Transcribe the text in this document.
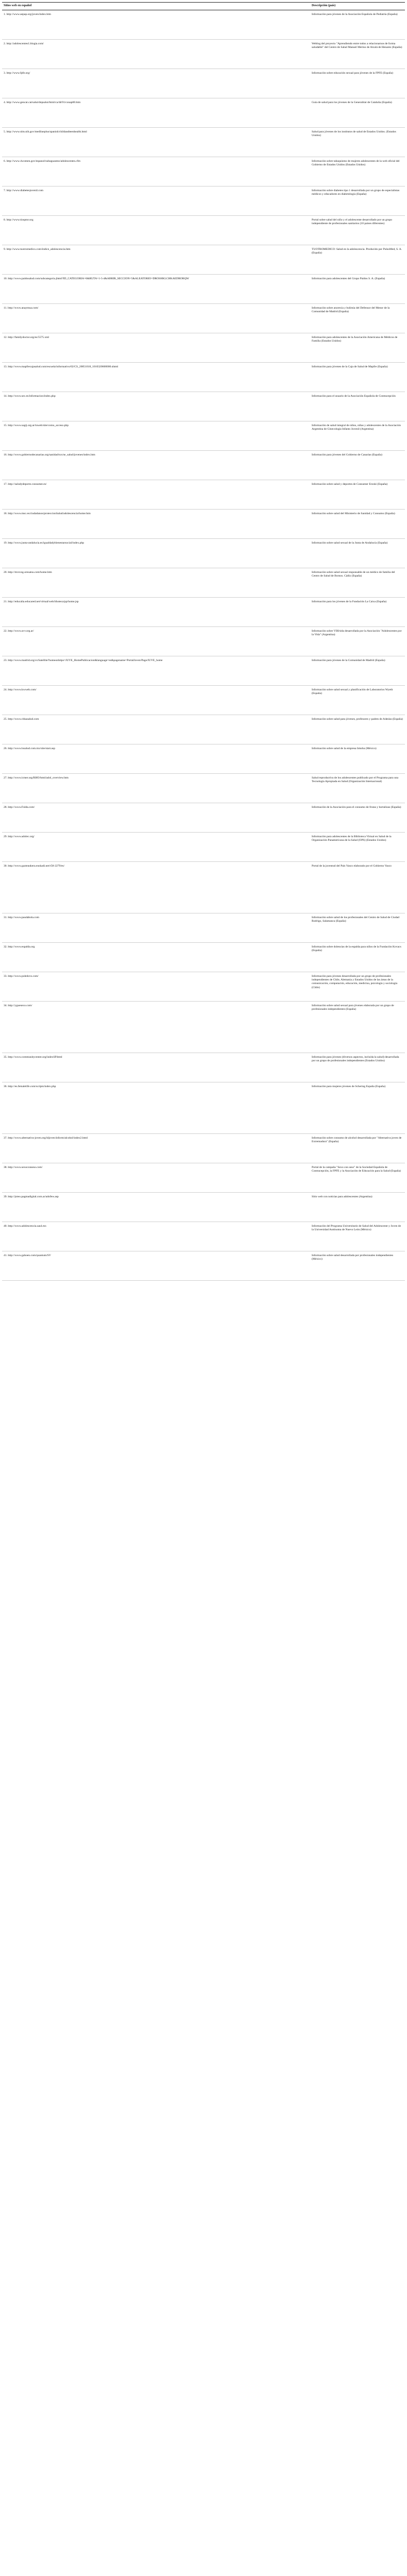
Sitios web en español	Descripción (país)
1. http://www.aepap.org/joven/index.htm	Información para jóvenes de la Asociación Española de Pediatría (España)
2. http://adolescentes1.blogia.com/	Weblog del proyecto "Aprendiendo entre todos a relacionarnos de forma saludable" del Centro de Salud Manuel Merino de Alcalá de Henares (España)
3. http://www.fpfe.org/	Información sobre educación sexual para jóvenes de la FPFE (España)
4. http://www.gencat.cat/salut/depsalut/html/ca/dir91/conap00.htm	Guía de salud para los jóvenes de la Generalitat de Cataluña (España)
5. http://www.nlm.nih.gov/medlineplus/spanish/childandteenhealth.html	Salud para jóvenes de los institutos de salud de Estados Unidos. (Estados Unidos)
6. http://www.4women.gov/espanol/subaguasmo/adolescentes.cfm	Información sobre tabaquismo de mujeres adolescentes de la web oficial del Gobierno de Estados Unidos (Estados Unidos)
7. http://www.diabetesjuvenil.com	Información sobre diabetes tipo 1 desarrollada por un grupo de especialistas médicos y educadores en diabetología (España)
8. http://www.tiosptor.org	Portal sobre salud del niño y el adolescente desarrollado por un grupo independiente de profesionales sanitarios (10 países diferentes)
9. http://www.tuotromedico.com/indice_adolescencia.htm	TUOTROMEDICO: Salud en la adolescencia. Producido por PulsoMed, S. A. (España)
10. http://www.paidosalud.com/subcategoria.jhtml?ID_CATEGORIA=6&RUTA=1-5-4&ABRIR_SECCION=5&ALEATORIO=DROSHKLCHKAEDRORQW	Información para adolescentes del Grupo Paidos S. A. (España)
11. http://www.anaymua.com/	Información sobre anorexia y bulimia del Defensor del Menor de la Comunidad de Madrid (España)
12. http://familydoctor.org/es/5575.xml	Información para adolescentes de la Asociación Americana de Médicos de Familia (Estados Unidos)
13. http://www.mapfrecajasalud.com/escuela/informativo/02/CS_20051018_1010320600000.shtml	Información para jóvenes de la Caja de Salud de Mapfre (España)
14. http://www.sec.es/informacion/index.php	Información para el usuario de la Asociación Española de Contracepción
15. http://www.sagij.org.ar/tuweb/site/como_acceso.php	Información de salud integral de niños, niñas y adolescentes de la Asociación Argentina de Ginecología Infanto Juvenil (Argentina)
16. http://www.gobiernodecanarias.org/sanidad/scs/se_salud/jovenes/index.htm	Información para jóvenes del Gobierno de Canarias (España)
17. http://saludydeporte.consumer.es/	Información sobre salud y deportes de Consumer Eroski (España)
18. http://www.msc.es/ciudadanos/proteccionSalud/adolescencia/home.htm	Información sobre salud del Ministerio de Sanidad y Consumo (España)
19. http://www.junta-andalucia.es/igualdadybienestarsocial/index.php	Información sobre salud sexual de la Junta de Andalucía (España)
20. http://mvsvsg.oresatsu.com/home.htm	Información sobre salud sexual responsable de un médico de familia del Centro de Salud de Bornos. Cádiz (España)
21. http://educalia.educared.net/virtual/web/ithoteca/pp/home.jsp	Información para los jóvenes de la Fundación La Caixa (España)
22. http://www.avv.org.ar/	Información sobre VIH/sida desarrollada por la Asociación "Adolescentes por la Vida" (Argentina)
23. http://www.madrid.org/cs/Satellite?homeonhttps=JUVE_HomePublicacion&language=es&pagename=PortalJoven/Page/JUVE_home	Información para jóvenes de la Comunidad de Madrid (España)
24. http://www.kwweb.com/	Información sobre salud sexual y planificación de Laboratorios Wyeth (España)
25. http://www.chkasalud.com	Información sobre salud para jóvenes, profesores y padres de Adeslas (España)
26. http://www.losalud.com.mx/site/start.asp	Información sobre salud de la empresa Inkoba (México)
27. http://www.icmer.org/RHO/html/adol_overview.htm	Salud reproductiva de los adolescentes publicado por el Programa para una Tecnología Apropiada en Salud (Organización Internacional)
28. http://www.Fulda.com/	Información de la Asociación para el consumo de frutas y hortalizas (España)
29. http://www.adolec.org/	Información para adolescentes de la Biblioteca Virtual en Salud de la Organización Panamericana de la Salud (OPS) (Estados Unidos)
30. http://www.gazteaukera.euskadi.net/r58-2279/es/	Portal de la juventud del País Vasco elaborado por el Gobierno Vasco
31. http://www.paudabola.com	Información sobre salud de los profesionales del Centro de Salud de Ciudad Rodrigo, Salamanca (España)
32. http://www.espalda.org	Información sobre dolencias de la espalda para niños de la Fundación Kovacs (España)
33. http://www.poledovs.com/	Información para jóvenes desarrollada por un grupo de profesionales independientes de Chile, Alemania y Estados Unidos de las áreas de la comunicación, computación, educación, medicina, psicología y sociología (Chile)
34. http://yguesexo.com/	Información sobre salud sexual para jóvenes elaborada por un grupo de profesionales independientes (España)
35. http://www.communitycenter.org/indexSP.html	Información para jóvenes (diversos aspectos, incluida la salud) desarrollada por un grupo de profesionales independientes (Estados Unidos)
36. http://es.femalelife.com/scripts/index.php	Información para mujeres jóvenes de Schering España (España)
37. http://www.alternativa-joven.org/idjoven/inform/alcohol/index2.html	Información sobre consumo de alcohol desarrollada por "Alternativa joven de Extremadura" (España)
38. http://www.sexoconseso.com/	Portal de la campaña "Sexo con seso" de la Sociedad Española de Contracepción, la FPFE y la Asociación de Educación para la Salud (España)
39. http://joteo.pagmadigital.com.ar/adofew.asp	Sitio web con noticias para adolescentes (Argentina)
40. http://www.adolescencia.uaul.mx	Información del Programa Universitario de Salud del Adolescente y Joven de la Universidad Autónoma de Nuevo León (México)
41. http://www.gahoen.com/quantum/SV	Información sobre salud desarrollada por profesionales independientes (México)
